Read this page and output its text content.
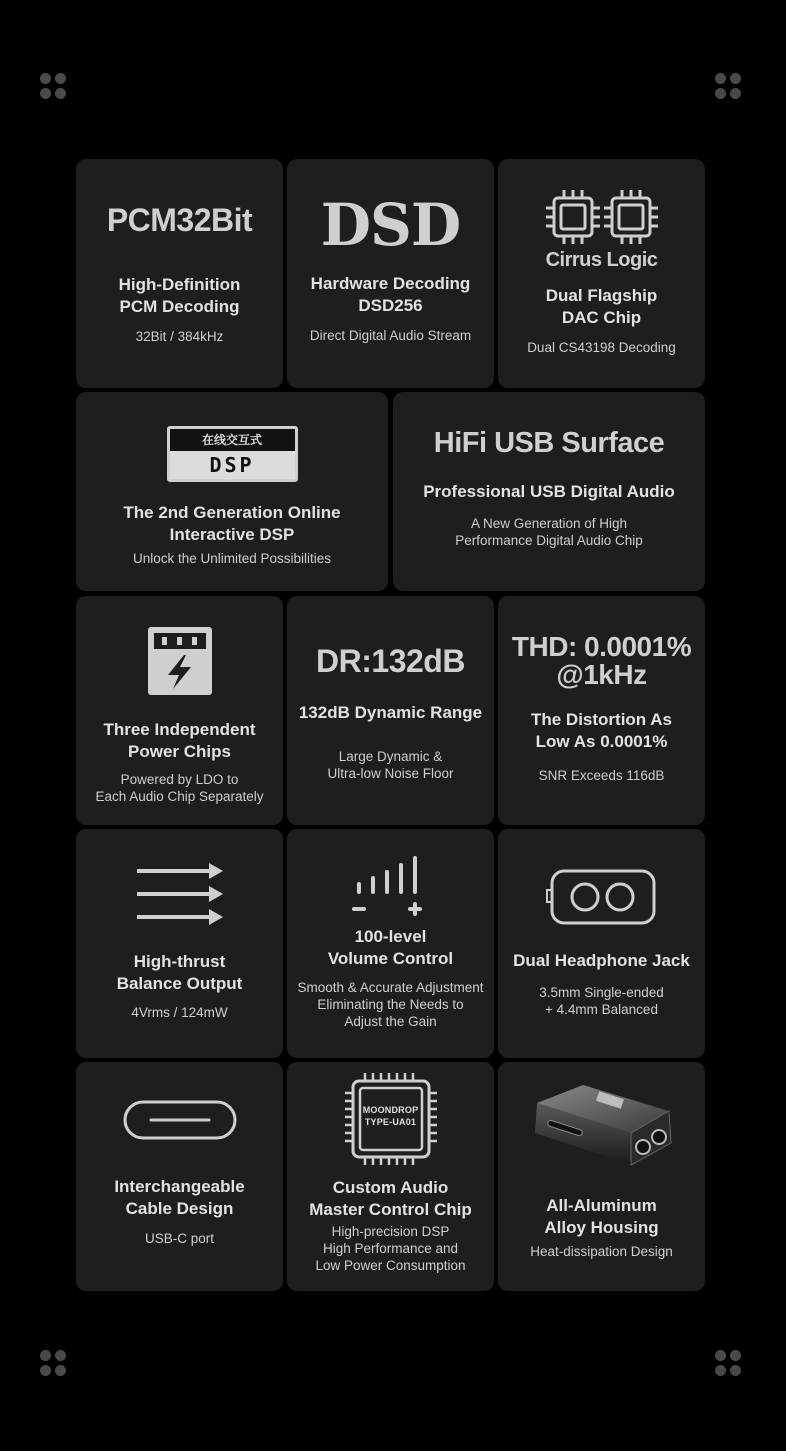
PCM32Bit
High-Definition
PCM Decoding
32Bit / 384kHz
DSD
Hardware Decoding
DSD256
Direct Digital Audio Stream
Cirrus Logic
Dual Flagship
DAC Chip
Dual CS43198 Decoding
在线交互式
DSP
The 2nd Generation Online
Interactive DSP
Unlock the Unlimited Possibilities
HiFi USB Surface
Professional USB Digital Audio
A New Generation of High
Performance Digital Audio Chip
Three Independent
Power Chips
Powered by LDO to
Each Audio Chip Separately
DR:132dB
132dB Dynamic Range
Large Dynamic &
Ultra-low Noise Floor
THD: 0.0001%
@1kHz
The Distortion As
Low As 0.0001%
SNR Exceeds 116dB
High-thrust
Balance Output
4Vrms / 124mW
100-level
Volume Control
Smooth & Accurate Adjustment
Eliminating the Needs to
Adjust the Gain
Dual Headphone Jack
3.5mm Single-ended
+ 4.4mm Balanced
Interchangeable
Cable Design
USB-C port
MOONDROP
TYPE-UA01
Custom Audio
Master Control Chip
High-precision DSP
High Performance and
Low Power Consumption
All-Aluminum
Alloy Housing
Heat-dissipation Design
